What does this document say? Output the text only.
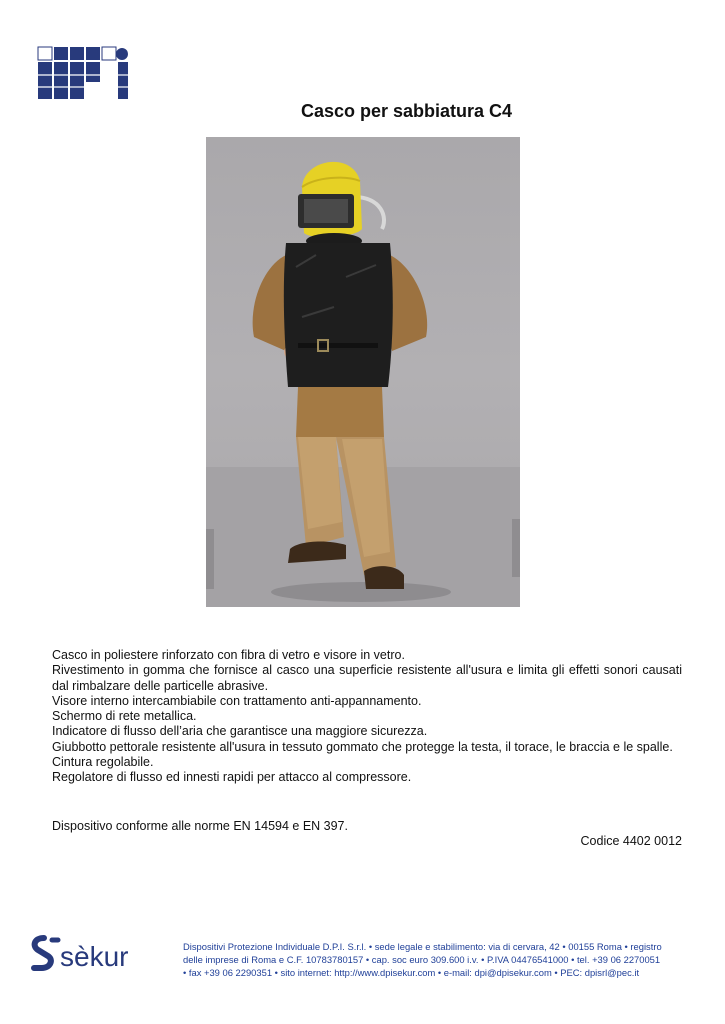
Casco per sabbiatura C4

Casco in poliestere rinforzato con fibra di vetro e visore in vetro.

Rivestimento in gomma che fornisce al casco una superficie resistente all'usura e limita gli effetti sonori causati dal rimbalzare delle particelle abrasive.

Visore interno intercambiabile con trattamento anti-appannamento.

Schermo di rete metallica.

Indicatore di flusso dell’aria che garantisce una maggiore sicurezza.

Giubbotto pettorale resistente all'usura in tessuto gommato che protegge la testa, il torace, le braccia e le spalle.

Cintura regolabile.

Regolatore di flusso ed innesti rapidi per attacco al compressore.

Dispositivo conforme alle norme EN 14594 e EN 397.
Codice 4402 0012
sèkur	Dispositivi Protezione Individuale D.P.I. S.r.l. • sede legale e stabilimento: via di cervara, 42 • 00155 Roma • registro
delle imprese di Roma e C.F. 10783780157 • cap. soc euro 309.600 i.v. • P.IVA 04476541000 • tel. +39 06 2270051
• fax +39 06 2290351 • sito internet: http://www.dpisekur.com • e-mail: dpi@dpisekur.com • PEC: dpisrl@pec.it
